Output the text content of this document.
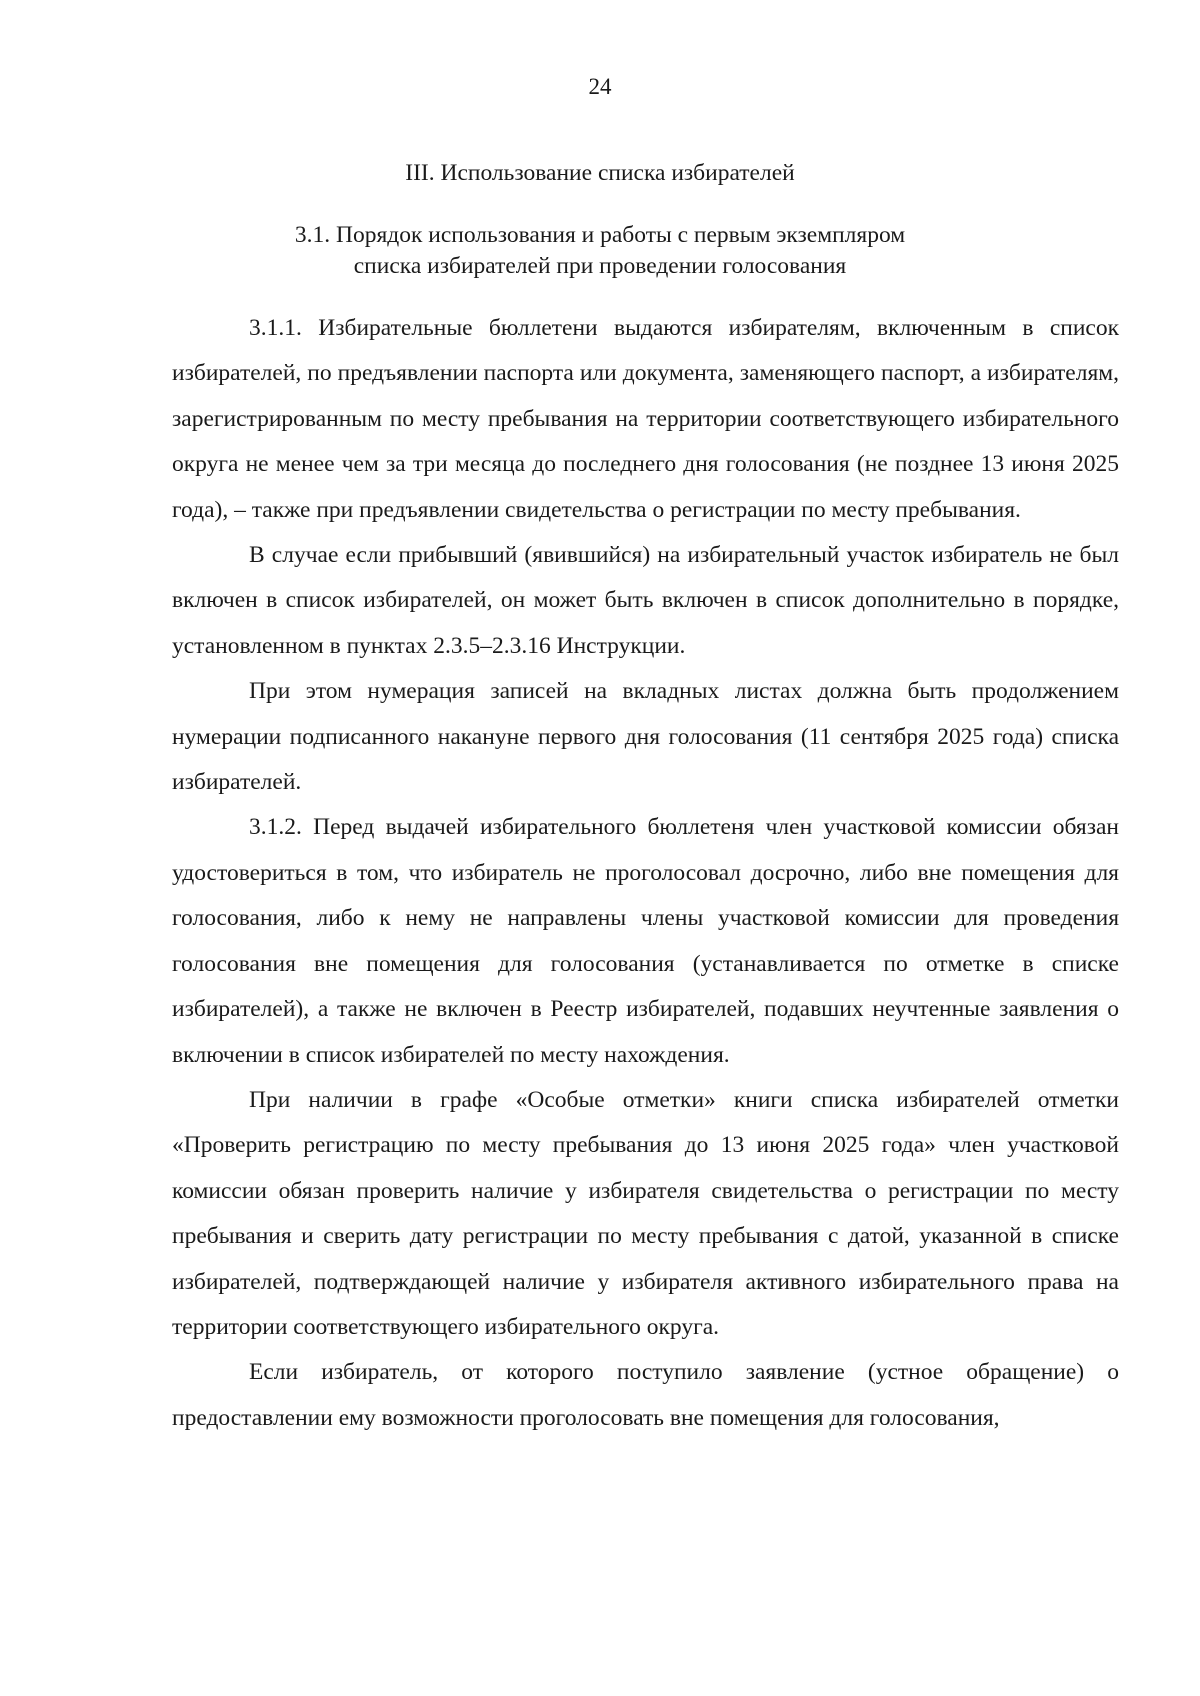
24
III. Использование списка избирателей
3.1. Порядок использования и работы с первым экземпляром
списка избирателей при проведении голосования

3.1.1. Избирательные бюллетени выдаются избирателям, включенным в список избирателей, по предъявлении паспорта или документа, заменяющего паспорт, а избирателям, зарегистрированным по месту пребывания на территории соответствующего избирательного округа не менее чем за три месяца до последнего дня голосования (не позднее 13 июня 2025 года), – также при предъявлении свидетельства о регистрации по месту пребывания.

В случае если прибывший (явившийся) на избирательный участок избиратель не был включен в список избирателей, он может быть включен в список дополнительно в порядке, установленном в пунктах 2.3.5–2.3.16 Инструкции.

При этом нумерация записей на вкладных листах должна быть продолжением нумерации подписанного накануне первого дня голосования (11 сентября 2025 года) списка избирателей.

3.1.2. Перед выдачей избирательного бюллетеня член участковой комиссии обязан удостовериться в том, что избиратель не проголосовал досрочно, либо вне помещения для голосования, либо к нему не направлены члены участковой комиссии для проведения голосования вне помещения для голосования (устанавливается по отметке в списке избирателей), а также не включен в Реестр избирателей, подавших неучтенные заявления о включении в список избирателей по месту нахождения.

При наличии в графе «Особые отметки» книги списка избирателей отметки «Проверить регистрацию по месту пребывания до 13 июня 2025 года» член участковой комиссии обязан проверить наличие у избирателя свидетельства о регистрации по месту пребывания и сверить дату регистрации по месту пребывания с датой, указанной в списке избирателей, подтверждающей наличие у избирателя активного избирательного права на территории соответствующего избирательного округа.

Если избиратель, от которого поступило заявление (устное обращение) о предоставлении ему возможности проголосовать вне помещения для голосования,
